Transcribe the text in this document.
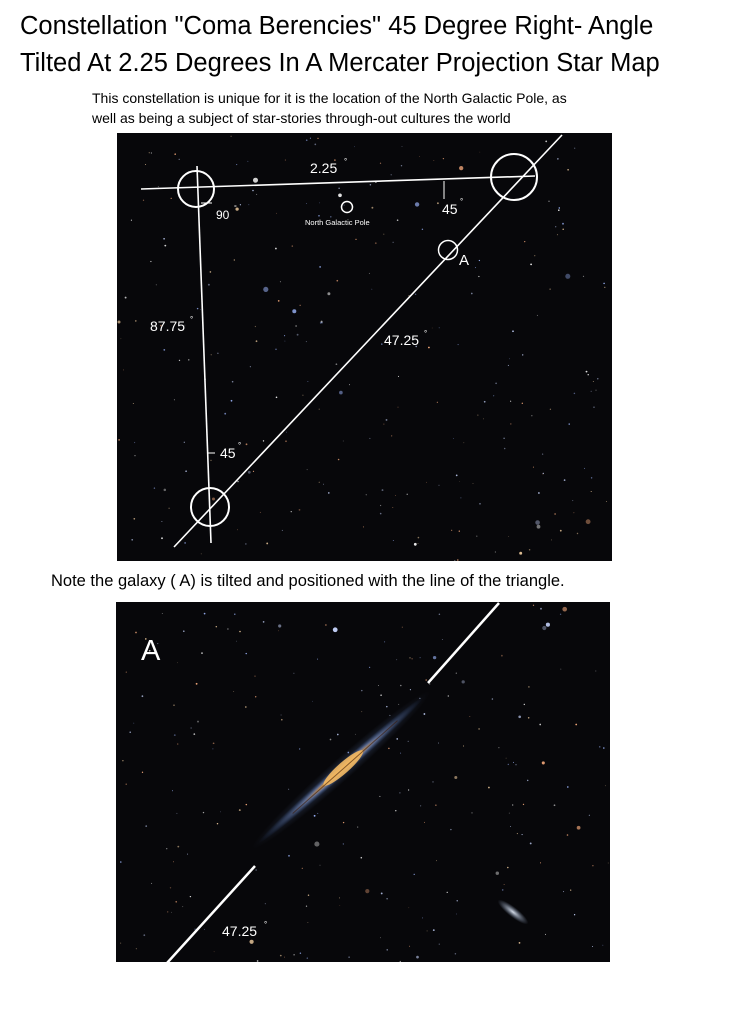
Constellation "Coma Berencies" 45 Degree Right- Angle
Tilted At 2.25 Degrees In A Mercater Projection Star Map
This constellation is unique for it is the location of the North Galactic Pole, as
well as being a subject of star-stories through-out cultures the world
2.25 °
90 °	45 °
North Galactic Pole
A
87.75 °
47.25 °
45 °
Note the galaxy ( A) is tilted and positioned with the line of the triangle.
A
47.25 °
